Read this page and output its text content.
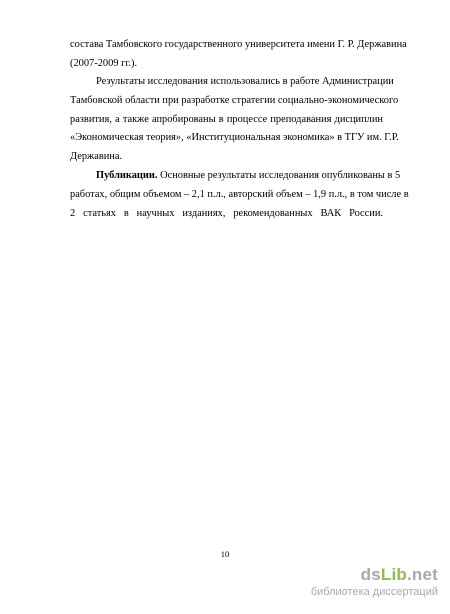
состава Тамбовского государственного университета имени Г. Р. Державина
(2007-2009 гг.).
Результаты исследования использовались в работе Администрации
Тамбовской области при разработке стратегии социально-экономического
развития, а также апробированы в процессе преподавания дисциплин
«Экономическая теория», «Институциональная экономика» в ТГУ им. Г.Р.
Державина.
Публикации. Основные результаты исследования опубликованы в 5
работах, общим объемом – 2,1 п.л., авторский объем – 1,9 п.л., в том числе в
2 статьях в научных изданиях, рекомендованных ВАК России.
10
dsLib.net
библиотека диссертаций
